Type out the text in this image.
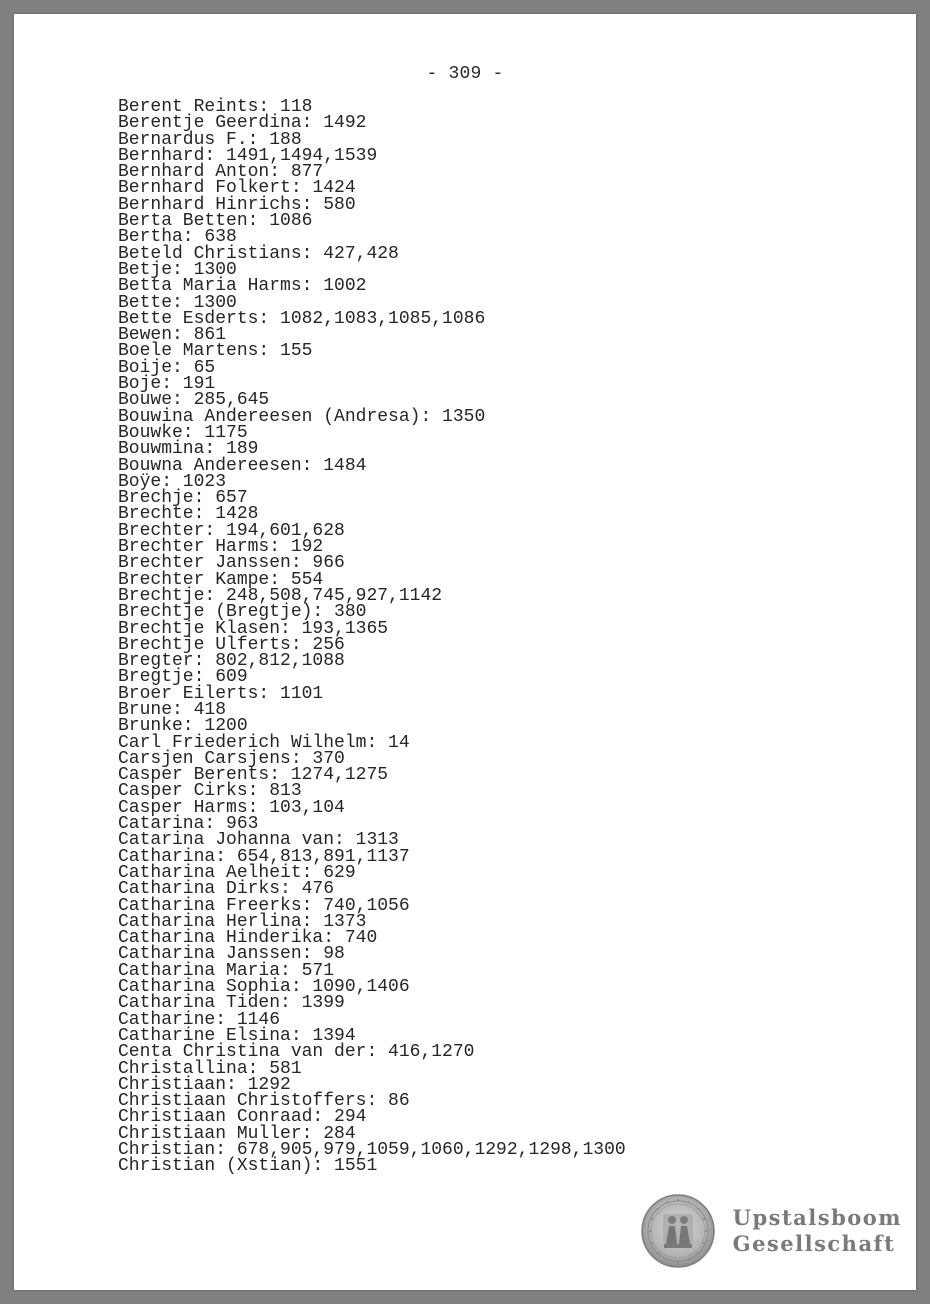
- 309 -
Berent Reints: 118
Berentje Geerdina: 1492
Bernardus F.: 188
Bernhard: 1491,1494,1539
Bernhard Anton: 877
Bernhard Folkert: 1424
Bernhard Hinrichs: 580
Berta Betten: 1086
Bertha: 638
Beteld Christians: 427,428
Betje: 1300
Betta Maria Harms: 1002
Bette: 1300
Bette Esderts: 1082,1083,1085,1086
Bewen: 861
Boele Martens: 155
Boije: 65
Boje: 191
Bouwe: 285,645
Bouwina Andereesen (Andresa): 1350
Bouwke: 1175
Bouwmina: 189
Bouwna Andereesen: 1484
Boÿe: 1023
Brechje: 657
Brechte: 1428
Brechter: 194,601,628
Brechter Harms: 192
Brechter Janssen: 966
Brechter Kampe: 554
Brechtje: 248,508,745,927,1142
Brechtje (Bregtje): 380
Brechtje Klasen: 193,1365
Brechtje Ulferts: 256
Bregter: 802,812,1088
Bregtje: 609
Broer Eilerts: 1101
Brune: 418
Brunke: 1200
Carl Friederich Wilhelm: 14
Carsjen Carsjens: 370
Casper Berents: 1274,1275
Casper Cirks: 813
Casper Harms: 103,104
Catarina: 963
Catarina Johanna van: 1313
Catharina: 654,813,891,1137
Catharina Aelheit: 629
Catharina Dirks: 476
Catharina Freerks: 740,1056
Catharina Herlina: 1373
Catharina Hinderika: 740
Catharina Janssen: 98
Catharina Maria: 571
Catharina Sophia: 1090,1406
Catharina Tiden: 1399
Catharine: 1146
Catharine Elsina: 1394
Centa Christina van der: 416,1270
Christallina: 581
Christiaan: 1292
Christiaan Christoffers: 86
Christiaan Conraad: 294
Christiaan Muller: 284
Christian: 678,905,979,1059,1060,1292,1298,1300
Christian (Xstian): 1551
Upstalsboom
Gesellschaft
